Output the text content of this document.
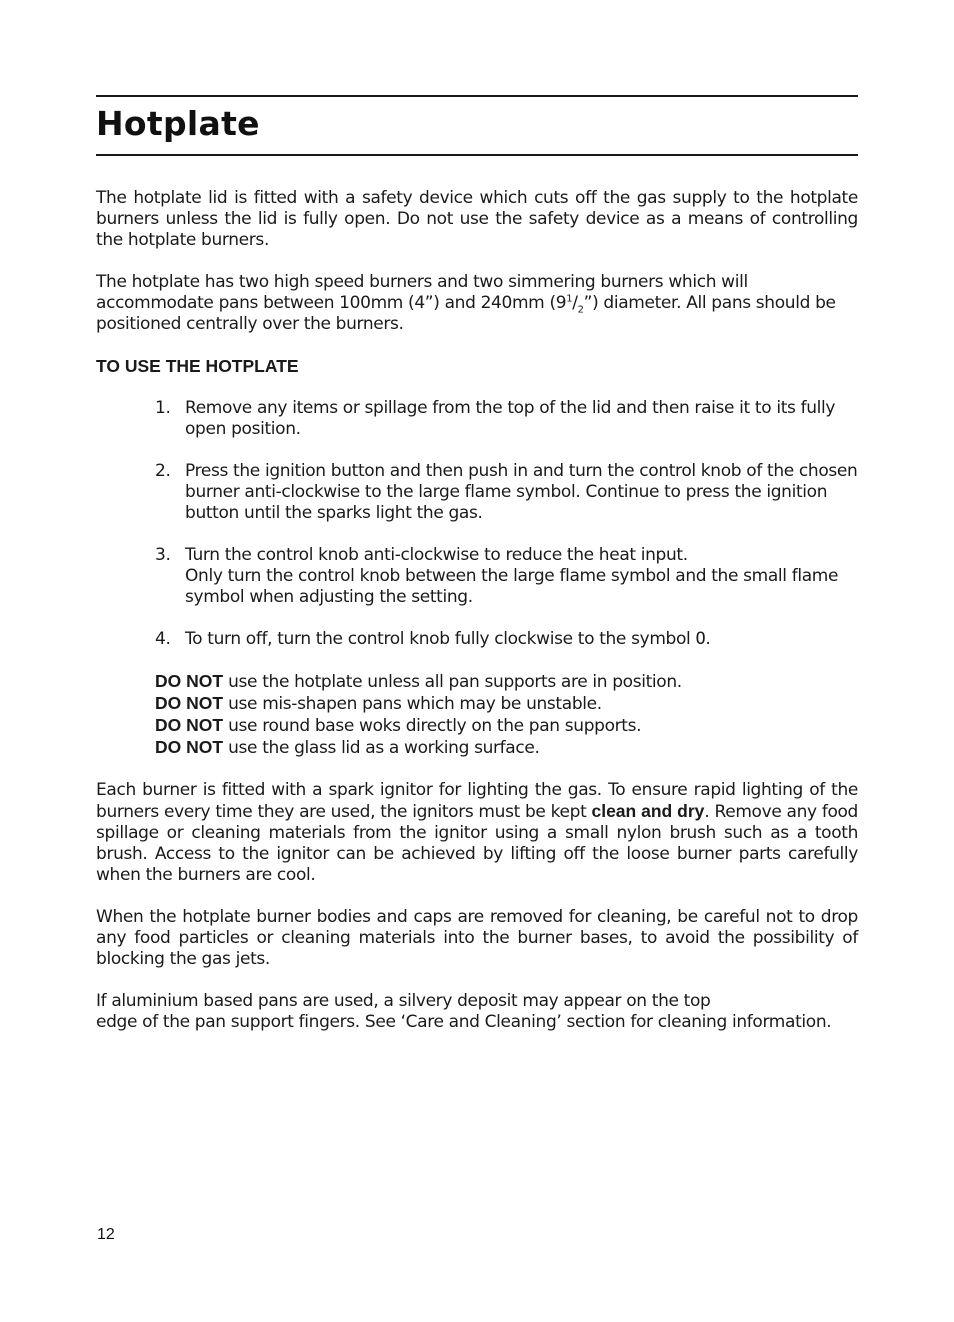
Hotplate

The hotplate lid is fitted with a safety device which cuts off the gas supply to the hotplate burners unless the lid is fully open. Do not use the safety device as a means of controlling the hotplate burners.

The hotplate has two high speed burners and two simmering burners which will accommodate pans between 100mm (4”) and 240mm $(9^1/_2”)$ diameter. All pans should be positioned centrally over the burners.

TO USE THE HOTPLATE
1. Remove any items or spillage from the top of the lid and then raise it to its fully open position.
2. Press the ignition button and then push in and turn the control knob of the chosen burner anti-clockwise to the large flame symbol. Continue to press the ignition button until the sparks light the gas.
3. Turn the control knob anti-clockwise to reduce the heat input.
Only turn the control knob between the large flame symbol and the small flame symbol when adjusting the setting.
4. To turn off, turn the control knob fully clockwise to the symbol O.
DO NOT use the hotplate unless all pan supports are in position.
DO NOT use mis-shapen pans which may be unstable.
DO NOT use round base woks directly on the pan supports.
DO NOT use the glass lid as a working surface.

Each burner is fitted with a spark ignitor for lighting the gas. To ensure rapid lighting of the burners every time they are used, the ignitors must be kept clean and dry. Remove any food spillage or cleaning materials from the ignitor using a small nylon brush such as a tooth brush. Access to the ignitor can be achieved by lifting off the loose burner parts carefully when the burners are cool.

When the hotplate burner bodies and caps are removed for cleaning, be careful not to drop any food particles or cleaning materials into the burner bases, to avoid the possibility of blocking the gas jets.

If aluminium based pans are used, a silvery deposit may appear on the top
edge of the pan support fingers. See ‘Care and Cleaning’ section for cleaning information.

12
